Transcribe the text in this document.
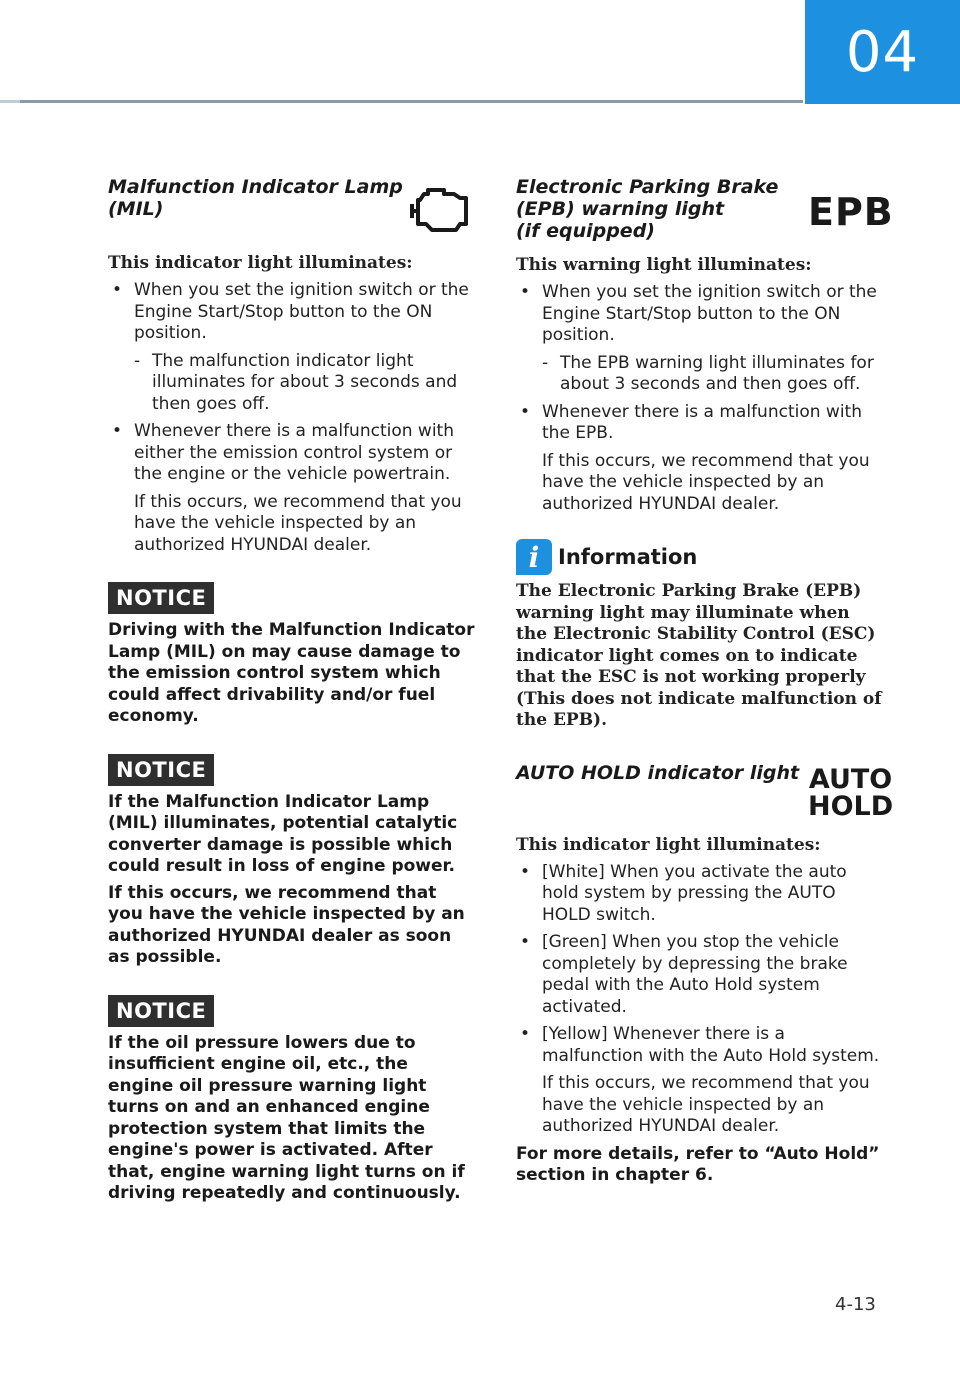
04

Malfunction Indicator Lamp

(MIL)

This indicator light illuminates:

• When you set the ignition switch or the Engine Start/Stop button to the ON position.
- The malfunction indicator light illuminates for about 3 seconds and then goes off.
• Whenever there is a malfunction with either the emission control system or the engine or the vehicle powertrain.
If this occurs, we recommend that you have the vehicle inspected by an authorized HYUNDAI dealer.
NOTICE

Driving with the Malfunction Indicator Lamp (MIL) on may cause damage to the emission control system which could affect drivability and/or fuel economy.

NOTICE

If the Malfunction Indicator Lamp (MIL) illuminates, potential catalytic converter damage is possible which could result in loss of engine power.

If this occurs, we recommend that you have the vehicle inspected by an authorized HYUNDAI dealer as soon as possible.

NOTICE

If the oil pressure lowers due to insufficient engine oil, etc., the engine oil pressure warning light turns on and an enhanced engine protection system that limits the engine's power is activated. After that, engine warning light turns on if driving repeatedly and continuously.

Electronic Parking Brake

(EPB) warning light

(if equipped)	EPB

This warning light illuminates:

• When you set the ignition switch or the Engine Start/Stop button to the ON position.
- The EPB warning light illuminates for about 3 seconds and then goes off.
• Whenever there is a malfunction with the EPB.
If this occurs, we recommend that you have the vehicle inspected by an authorized HYUNDAI dealer.
i Information

The Electronic Parking Brake (EPB) warning light may illuminate when the Electronic Stability Control (ESC) indicator light comes on to indicate that the ESC is not working properly (This does not indicate malfunction of the EPB).

AUTO HOLD indicator light AUTO
HOLD

This indicator light illuminates:

• [White] When you activate the auto hold system by pressing the AUTO HOLD switch.
• [Green] When you stop the vehicle completely by depressing the brake pedal with the Auto Hold system activated.
• [Yellow] Whenever there is a malfunction with the Auto Hold system.
If this occurs, we recommend that you have the vehicle inspected by an authorized HYUNDAI dealer.
For more details, refer to “Auto Hold” section in chapter 6.
4-13
